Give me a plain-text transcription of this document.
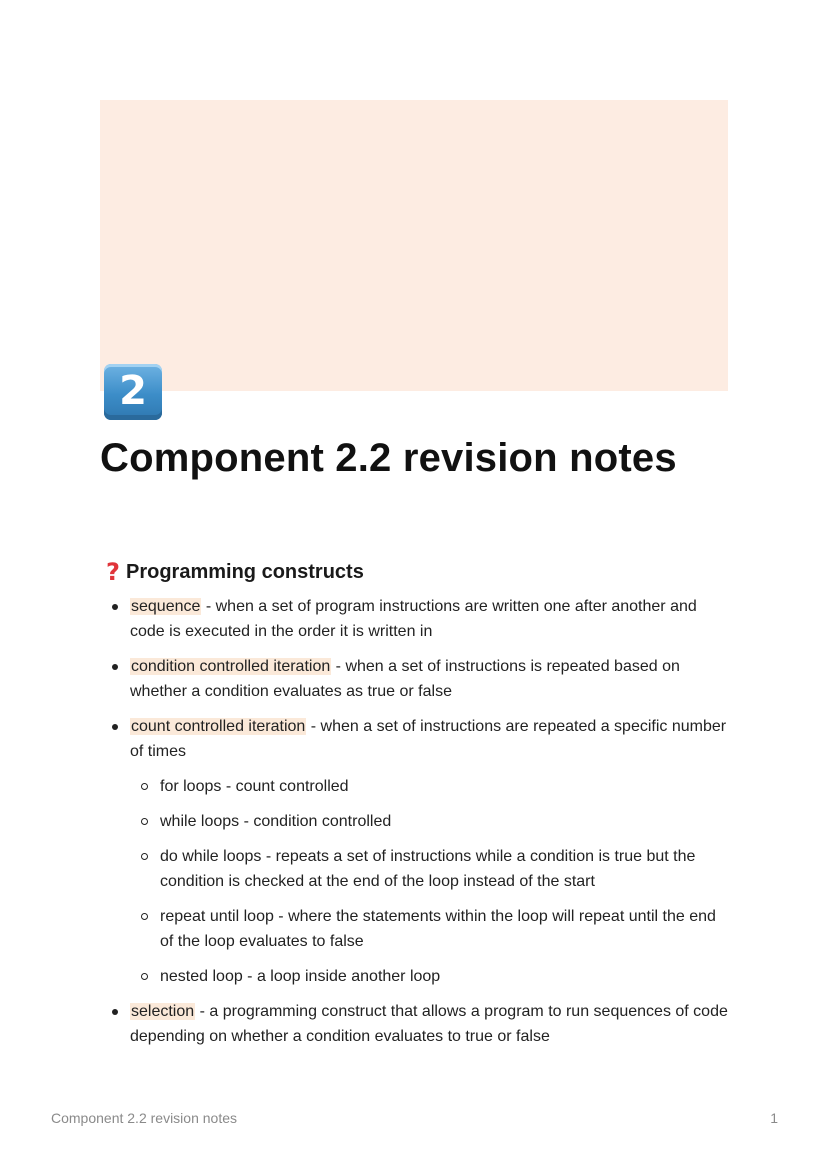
2
Component 2.2 revision notes
? Programming constructs
sequence - when a set of program instructions are written one after another and code is executed in the order it is written in
condition controlled iteration - when a set of instructions is repeated based on whether a condition evaluates as true or false
count controlled iteration - when a set of instructions are repeated a specific number of times
for loops - count controlled
while loops - condition controlled
do while loops - repeats a set of instructions while a condition is true but the condition is checked at the end of the loop instead of the start
repeat until loop - where the statements within the loop will repeat until the end of the loop evaluates to false
nested loop - a loop inside another loop
selection - a programming construct that allows a program to run sequences of code depending on whether a condition evaluates to true or false
Component 2.2 revision notes	1
